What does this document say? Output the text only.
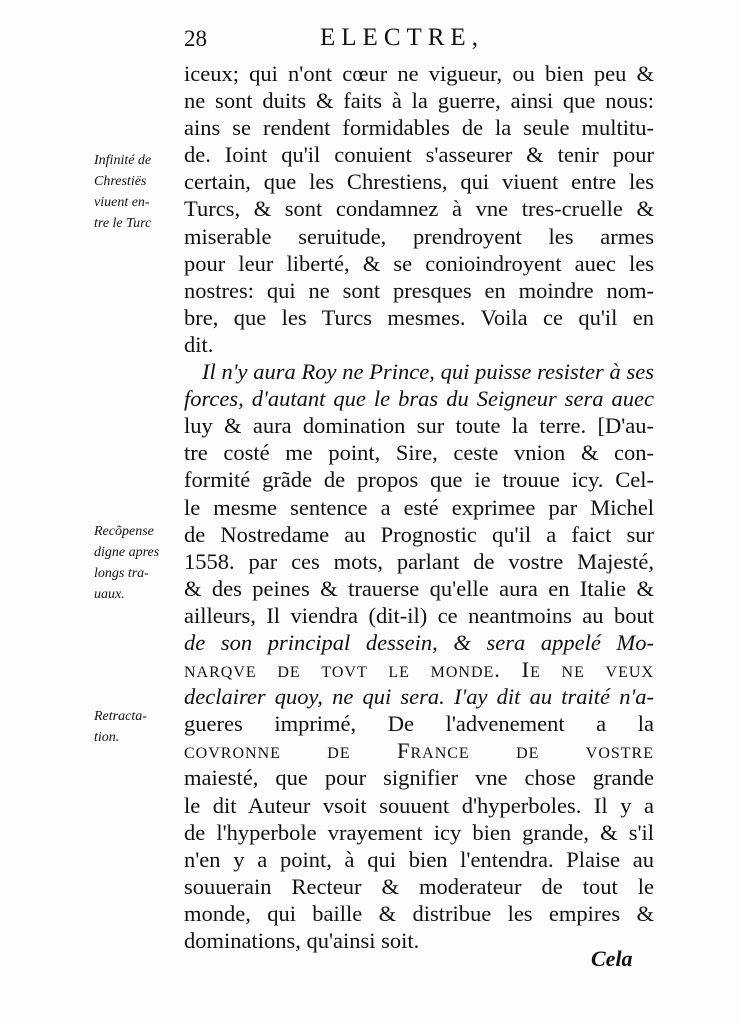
28	ELECTRE,
Infinité de
Chrestiës
viuent en-
tre le Turc
Recõpense
digne apres
longs tra-
uaux.
Retracta-
tion.
iceux; qui n'ont cœur ne vigueur, ou bien peu &
ne sont duits & faits à la guerre, ainsi que nous:
ains se rendent formidables de la seule multitu-
de. Ioint qu'il conuient s'asseurer & tenir pour
certain, que les Chrestiens, qui viuent entre les
Turcs, & sont condamnez à vne tres-cruelle &
miserable seruitude, prendroyent les armes
pour leur liberté, & se conioindroyent auec les
nostres: qui ne sont presques en moindre nom-
bre, que les Turcs mesmes. Voila ce qu'il en
dit.
Il n'y aura Roy ne Prince, qui puisse resister à ses
forces, d'autant que le bras du Seigneur sera auec
luy & aura domination sur toute la terre. [D'au-
tre costé me point, Sire, ceste vnion & con-
formité grãde de propos que ie trouue icy. Cel-
le mesme sentence a esté exprimee par Michel
de Nostredame au Prognostic qu'il a faict sur
1558. par ces mots, parlant de vostre Majesté,
& des peines & trauerse qu'elle aura en Italie &
ailleurs, Il viendra (dit-il) ce neantmoins au bout
de son principal dessein, & sera appelé Mo-
narqve de tovt le monde. Ie ne veux
declairer quoy, ne qui sera. I'ay dit au traité n'a-
gueres imprimé, De l'advenement a la
covronne de France de vostre
maiesté, que pour signifier vne chose grande
le dit Auteur vsoit souuent d'hyperboles. Il y a
de l'hyperbole vrayement icy bien grande, & s'il
n'en y a point, à qui bien l'entendra. Plaise au
souuerain Recteur & moderateur de tout le
monde, qui baille & distribue les empires &
dominations, qu'ainsi soit.
Cela
